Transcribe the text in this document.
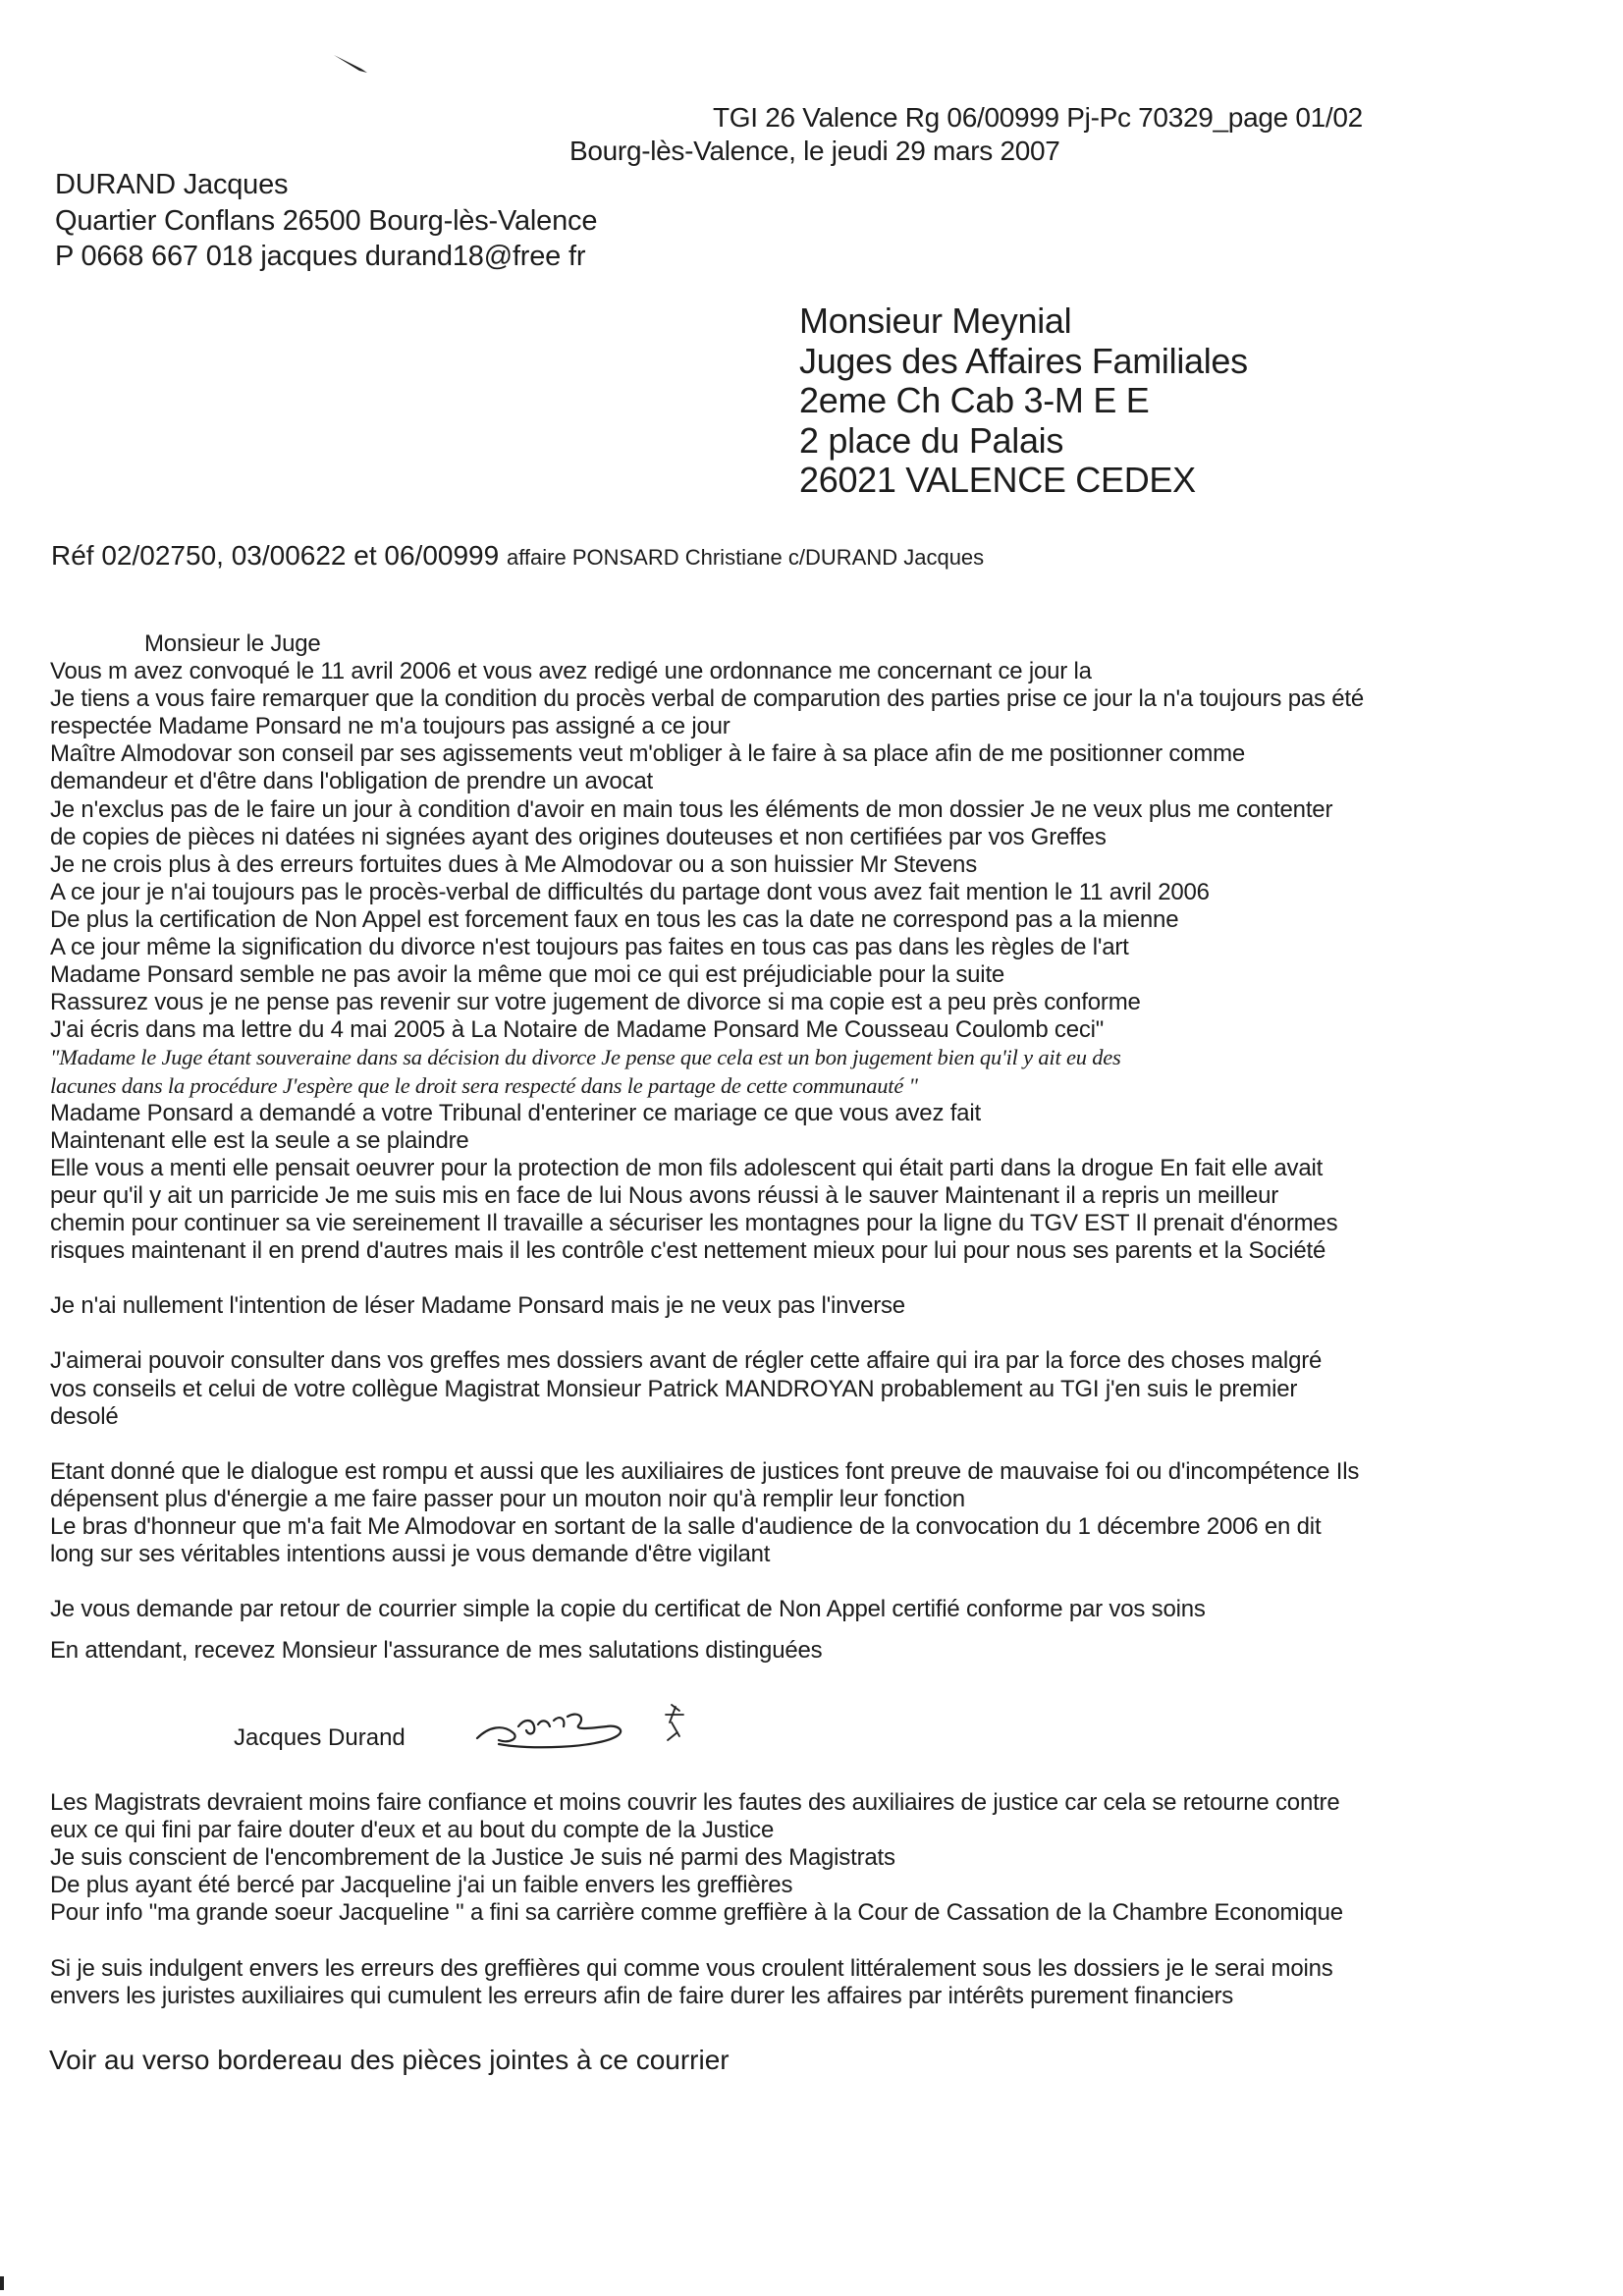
TGI 26 Valence Rg 06/00999 Pj-Pc 70329_page 01/02
Bourg-lès-Valence, le jeudi 29 mars 2007
DURAND Jacques
Quartier Conflans 26500 Bourg-lès-Valence
P 0668 667 018 jacques durand18@free fr
Monsieur Meynial
Juges des Affaires Familiales
2eme Ch Cab 3-M E E
2 place du Palais
26021 VALENCE CEDEX
Réf 02/02750, 03/00622 et 06/00999 affaire PONSARD Christiane c/DURAND Jacques
Monsieur le Juge
Vous m avez convoqué le 11 avril 2006 et vous avez redigé une ordonnance me concernant ce jour la
Je tiens a vous faire remarquer que la condition du procès verbal de comparution des parties prise ce jour la n'a toujours pas été
respectée Madame Ponsard ne m'a toujours pas assigné a ce jour
Maître Almodovar son conseil par ses agissements veut m'obliger à le faire à sa place afin de me positionner comme
demandeur et d'être dans l'obligation de prendre un avocat
Je n'exclus pas de le faire un jour à condition d'avoir en main tous les éléments de mon dossier Je ne veux plus me contenter
de copies de pièces ni datées ni signées ayant des origines douteuses et non certifiées par vos Greffes
Je ne crois plus à des erreurs fortuites dues à Me Almodovar ou a son huissier Mr Stevens
A ce jour je n'ai toujours pas le procès-verbal de difficultés du partage dont vous avez fait mention le 11 avril 2006
De plus la certification de Non Appel est forcement faux en tous les cas la date ne correspond pas a la mienne
A ce jour même la signification du divorce n'est toujours pas faites en tous cas pas dans les règles de l'art
Madame Ponsard semble ne pas avoir la même que moi ce qui est préjudiciable pour la suite
Rassurez vous je ne pense pas revenir sur votre jugement de divorce si ma copie est a peu près conforme
J'ai écris dans ma lettre du 4 mai 2005 à La Notaire de Madame Ponsard Me Cousseau Coulomb ceci"
"Madame le Juge étant souveraine dans sa décision du divorce Je pense que cela est un bon jugement bien qu'il y ait eu des
lacunes dans la procédure J'espère que le droit sera respecté dans le partage de cette communauté "
Madame Ponsard a demandé a votre Tribunal d'enteriner ce mariage ce que vous avez fait
Maintenant elle est la seule a se plaindre
Elle vous a menti elle pensait oeuvrer pour la protection de mon fils adolescent qui était parti dans la drogue En fait elle avait
peur qu'il y ait un parricide Je me suis mis en face de lui Nous avons réussi à le sauver Maintenant il a repris un meilleur
chemin pour continuer sa vie sereinement Il travaille a sécuriser les montagnes pour la ligne du TGV EST Il prenait d'énormes
risques maintenant il en prend d'autres mais il les contrôle c'est nettement mieux pour lui pour nous ses parents et la Société
Je n'ai nullement l'intention de léser Madame Ponsard mais je ne veux pas l'inverse
J'aimerai pouvoir consulter dans vos greffes mes dossiers avant de régler cette affaire qui ira par la force des choses malgré
vos conseils et celui de votre collègue Magistrat Monsieur Patrick MANDROYAN probablement au TGI j'en suis le premier
desolé
Etant donné que le dialogue est rompu et aussi que les auxiliaires de justices font preuve de mauvaise foi ou d'incompétence Ils
dépensent plus d'énergie a me faire passer pour un mouton noir qu'à remplir leur fonction
Le bras d'honneur que m'a fait Me Almodovar en sortant de la salle d'audience de la convocation du 1 décembre 2006 en dit
long sur ses véritables intentions aussi je vous demande d'être vigilant
Je vous demande par retour de courrier simple la copie du certificat de Non Appel certifié conforme par vos soins
En attendant, recevez Monsieur l'assurance de mes salutations distinguées
Jacques Durand
Les Magistrats devraient moins faire confiance et moins couvrir les fautes des auxiliaires de justice car cela se retourne contre
eux ce qui fini par faire douter d'eux et au bout du compte de la Justice
Je suis conscient de l'encombrement de la Justice Je suis né parmi des Magistrats
De plus ayant été bercé par Jacqueline j'ai un faible envers les greffières
Pour info "ma grande soeur Jacqueline " a fini sa carrière comme greffière à la Cour de Cassation de la Chambre Economique
Si je suis indulgent envers les erreurs des greffières qui comme vous croulent littéralement sous les dossiers je le serai moins
envers les juristes auxiliaires qui cumulent les erreurs afin de faire durer les affaires par intérêts purement financiers
Voir au verso bordereau des pièces jointes à ce courrier
